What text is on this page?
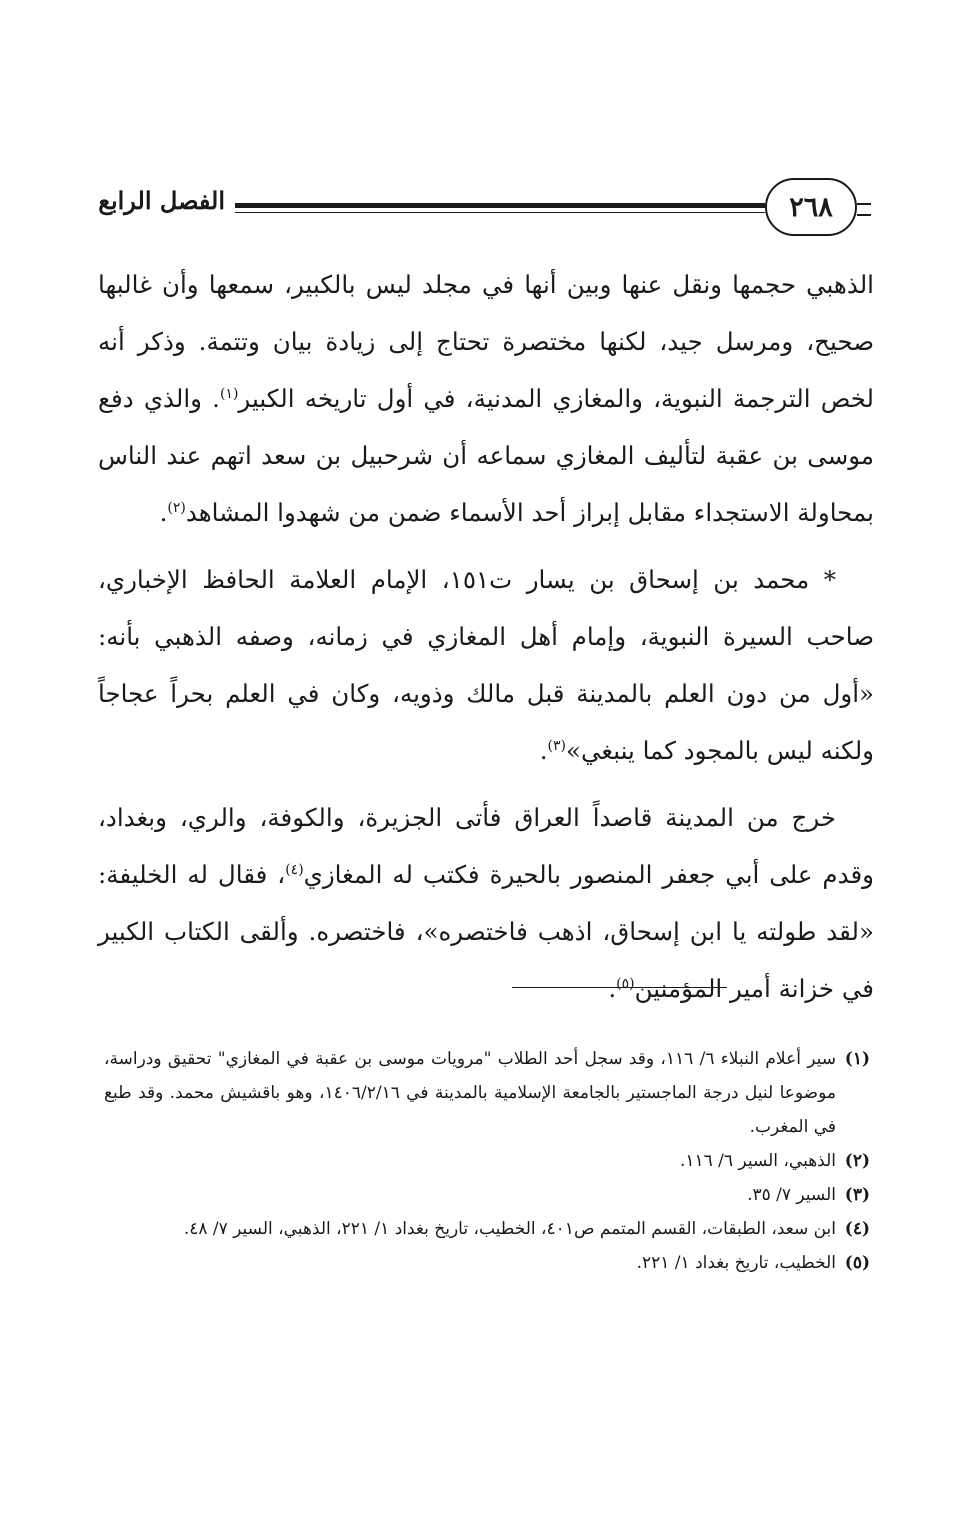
الفصل الرابع	٢٦٨

الذهبي حجمها ونقل عنها وبين أنها في مجلد ليس بالكبير، سمعها وأن غالبها صحيح، ومرسل جيد، لكنها مختصرة تحتاج إلى زيادة بيان وتتمة. وذكر أنه لخص الترجمة النبوية، والمغازي المدنية، في أول تاريخه الكبير$^{(١)}$. والذي دفع موسى بن عقبة لتأليف المغازي سماعه أن شرحبيل بن سعد اتهم عند الناس بمحاولة الاستجداء مقابل إبراز أحد الأسماء ضمن من شهدوا المشاهد$^{(٢)}$.

* محمد بن إسحاق بن يسار ت١٥١، الإمام العلامة الحافظ الإخباري، صاحب السيرة النبوية، وإمام أهل المغازي في زمانه، وصفه الذهبي بأنه: «أول من دون العلم بالمدينة قبل مالك وذويه، وكان في العلم بحراً عجاجاً ولكنه ليس بالمجود كما ينبغي»$^{(٣)}$.

خرج من المدينة قاصداً العراق فأتى الجزيرة، والكوفة، والري، وبغداد، وقدم على أبي جعفر المنصور بالحيرة فكتب له المغازي$^{(٤)}$، فقال له الخليفة: «لقد طولته يا ابن إسحاق، اذهب فاختصره»، فاختصره. وألقى الكتاب الكبير في خزانة أمير المؤمنين$^{(٥)}$.

(١)
سير أعلام النبلاء ٦/ ١١٦، وقد سجل أحد الطلاب "مرويات موسى بن عقبة في المغازي" تحقيق ودراسة، موضوعا لنيل درجة الماجستير بالجامعة الإسلامية بالمدينة في ١٤٠٦/٢/١٦، وهو باقشيش محمد. وقد طبع في المغرب.

(٢)
الذهبي، السير ٦/ ١١٦.

(٣)
السير ٧/ ٣٥.

(٤)
ابن سعد، الطبقات، القسم المتمم ص٤٠١، الخطيب، تاريخ بغداد ١/ ٢٢١، الذهبي، السير ٧/ ٤٨.

(٥)
الخطيب، تاريخ بغداد ١/ ٢٢١.
